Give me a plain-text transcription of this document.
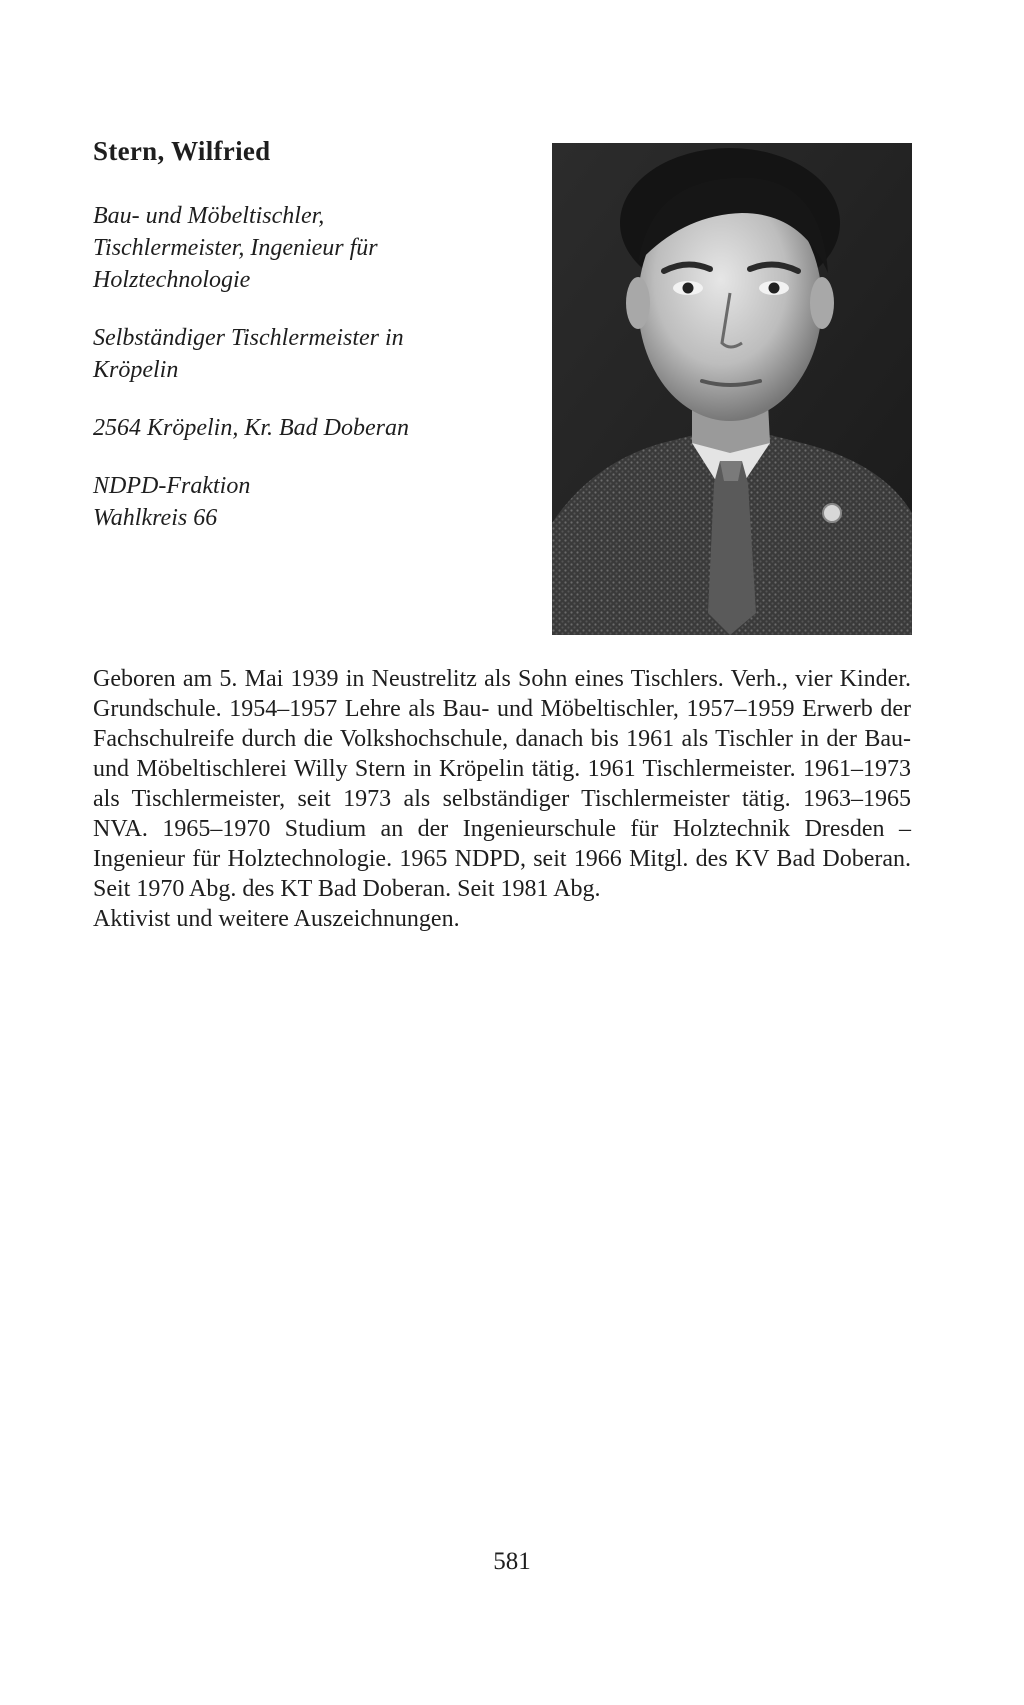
Stern, Wilfried
Bau- und Möbeltischler,
Tischlermeister, Ingenieur für
Holztechnologie
Selbständiger Tischlermeister in
Kröpelin
2564 Kröpelin, Kr. Bad Doberan
NDPD-Fraktion
Wahlkreis 66

Geboren am 5. Mai 1939 in Neustrelitz als Sohn eines Tischlers. Verh., vier Kinder. Grundschule. 1954–1957 Lehre als Bau- und Möbeltischler, 1957–1959 Erwerb der Fachschulreife durch die Volkshochschule, danach bis 1961 als Tischler in der Bau- und Möbeltischlerei Willy Stern in Kröpelin tätig. 1961 Tischlermeister. 1961–1973 als Tischlermeister, seit 1973 als selbständiger Tischlermeister tätig. 1963–1965 NVA. 1965–1970 Studium an der Ingenieurschule für Holztechnik Dresden – Ingenieur für Holztechnologie. 1965 NDPD, seit 1966 Mitgl. des KV Bad Doberan. Seit 1970 Abg. des KT Bad Doberan. Seit 1981 Abg.

Aktivist und weitere Auszeichnungen.

581
